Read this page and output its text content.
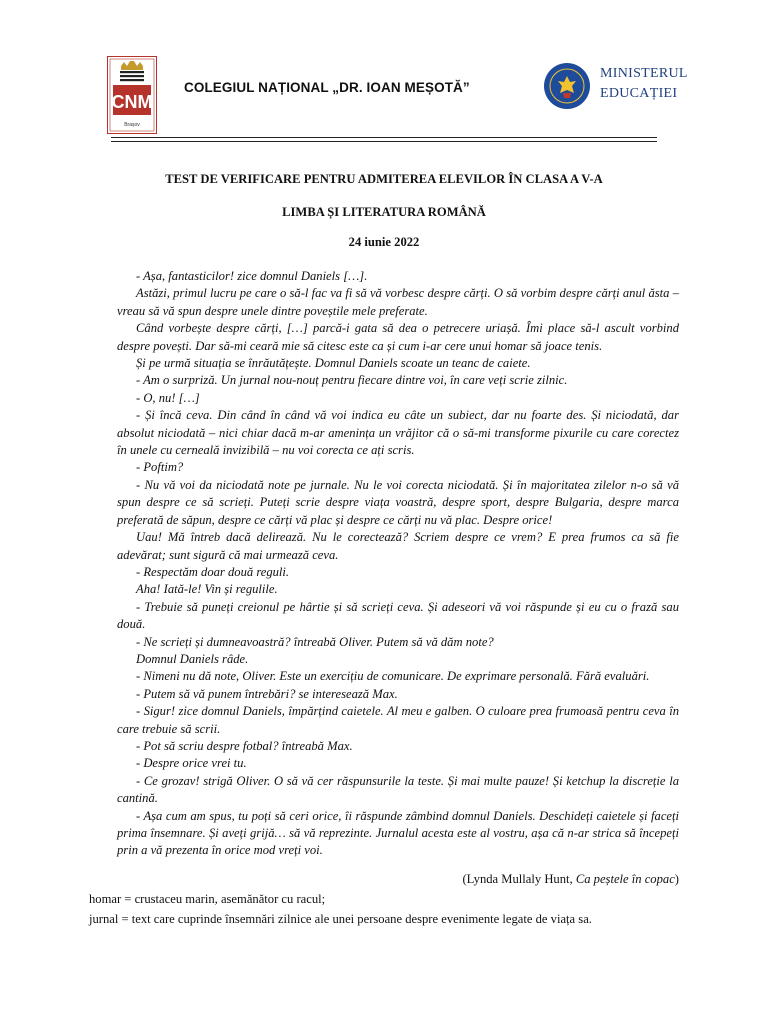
CNM
Brașov
COLEGIUL NAȚIONAL „DR. IOAN MEȘOTĂ”
MINISTERUL
EDUCAȚIEI
TEST DE VERIFICARE PENTRU ADMITEREA ELEVILOR ÎN CLASA A V-A
LIMBA ȘI LITERATURA ROMÂNĂ
24 iunie 2022

- Așa, fantasticilor! zice domnul Daniels […].

Astăzi, primul lucru pe care o să-l fac va fi să vă vorbesc despre cărți. O să vorbim despre cărți anul ăsta – vreau să vă spun despre unele dintre poveștile mele preferate.

Când vorbește despre cărți, […] parcă-i gata să dea o petrecere uriașă. Îmi place să-l ascult vorbind despre povești. Dar să-mi ceară mie să citesc este ca și cum i-ar cere unui homar să joace tenis.

Și pe urmă situația se înrăutățește. Domnul Daniels scoate un teanc de caiete.

- Am o surpriză. Un jurnal nou-nouț pentru fiecare dintre voi, în care veți scrie zilnic.

- O, nu! […]

- Și încă ceva. Din când în când vă voi indica eu câte un subiect, dar nu foarte des. Și niciodată, dar absolut niciodată – nici chiar dacă m-ar amenința un vrăjitor că o să-mi transforme pixurile cu care corectez în unele cu cerneală invizibilă – nu voi corecta ce ați scris.

- Poftim?

- Nu vă voi da niciodată note pe jurnale. Nu le voi corecta niciodată. Și în majoritatea zilelor n-o să vă spun despre ce să scrieți. Puteți scrie despre viața voastră, despre sport, despre Bulgaria, despre marca preferată de săpun, despre ce cărți vă plac și despre ce cărți nu vă plac. Despre orice!

Uau! Mă întreb dacă delirează. Nu le corectează? Scriem despre ce vrem? E prea frumos ca să fie adevărat; sunt sigură că mai urmează ceva.

- Respectăm doar două reguli.

Aha! Iată-le! Vin și regulile.

- Trebuie să puneți creionul pe hârtie și să scrieți ceva. Și adeseori vă voi răspunde și eu cu o frază sau două.

- Ne scrieți și dumneavoastră? întreabă Oliver. Putem să vă dăm note?

Domnul Daniels râde.

- Nimeni nu dă note, Oliver. Este un exercițiu de comunicare. De exprimare personală. Fără evaluări.

- Putem să vă punem întrebări? se interesează Max.

- Sigur! zice domnul Daniels, împărțind caietele. Al meu e galben. O culoare prea frumoasă pentru ceva în care trebuie să scrii.

- Pot să scriu despre fotbal? întreabă Max.

- Despre orice vrei tu.

- Ce grozav! strigă Oliver. O să vă cer răspunsurile la teste. Și mai multe pauze! Și ketchup la discreție la cantină.

- Așa cum am spus, tu poți să ceri orice, îi răspunde zâmbind domnul Daniels. Deschideți caietele și faceți prima însemnare. Și aveți grijă… să vă reprezinte. Jurnalul acesta este al vostru, așa că n-ar strica să începeți prin a vă prezenta în orice mod vreți voi.

(Lynda Mullaly Hunt, Ca peștele în copac)
homar = crustaceu marin, asemănător cu racul;
jurnal = text care cuprinde însemnări zilnice ale unei persoane despre evenimente legate de viața sa.
